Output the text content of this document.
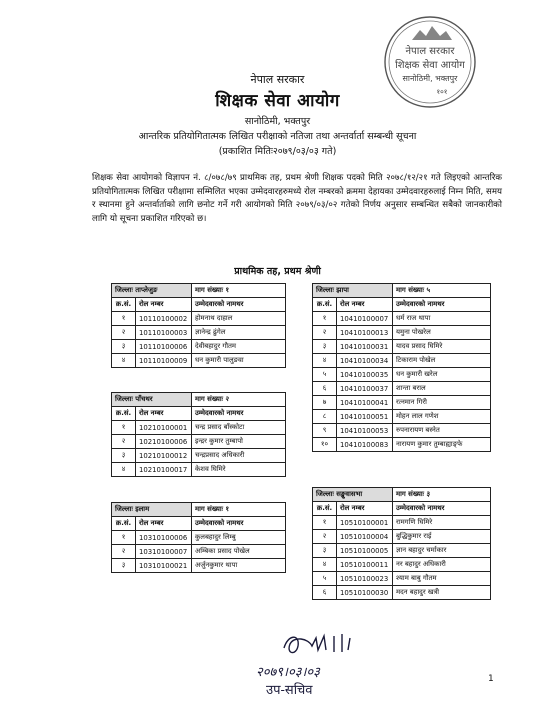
नेपाल सरकार
शिक्षक सेवा आयोग
सानोठिमी, भक्तपुर
१०१
नेपाल सरकार
शिक्षक सेवा आयोग
सानोठिमी, भक्तपुर
आन्तरिक प्रतियोगितात्मक लिखित परीक्षाको नतिजा तथा अन्तर्वार्ता सम्बन्धी सूचना
(प्रकाशित मितिः२०७९/०३/०३ गते)
शिक्षक सेवा आयोगको विज्ञापन नं. ८/०७८/७९ प्राथमिक तह, प्रथम श्रेणी शिक्षक पदको मिति २०७८/१२/२१ गते लिइएको आन्तरिक प्रतियोगितात्मक लिखित परीक्षामा सम्मिलित भएका उम्मेदवारहरुमध्ये रोल नम्बरको क्रममा देहायका उम्मेदवारहरुलाई निम्न मिति, समय र स्थानमा हुने अन्तर्वार्ताको लागि छनोट गर्ने गरी आयोगको मिति २०७९/०३/०२ गतेको निर्णय अनुसार सम्बन्धित सबैको जानकारीको लागि यो सूचना प्रकाशित गरिएको छ।
प्राथमिक तह, प्रथम श्रेणी
जिल्लाः ताप्लेजुङ		माग संख्याः १
क्र.सं.	रोल नम्बर	उम्मेदवारको नामथर
१	10110100002	होमनाथ दाहाल
२	10110100003	ज्ञानेन्द्र ढुंगेल
३	10110100006	देवीबहादुर गौतम
४	10110100009	धन कुमारी पालुङवा
जिल्लाः पाँचथर		माग संख्याः २
क्र.सं.	रोल नम्बर	उम्मेदवारको नामथर
१	10210100001	चन्द्र प्रसाद बाँस्कोटा
२	10210100006	इन्द्रर कुमार तुम्बापो
३	10210100012	चन्द्रप्रसाद अधिकारी
४	10210100017	केशव घिमिरे
जिल्लाः इलाम		माग संख्याः १
क्र.सं.	रोल नम्बर	उम्मेदवारको नामथर
१	10310100006	कुलबहादुर लिम्बु
२	10310100007	अम्बिका प्रसाद पोखेल
३	10310100021	अर्जुनकुमार थापा
जिल्लाः झापा		माग संख्याः ५
क्र.सं.	रोल नम्बर	उम्मेदवारको नामथर
१	10410100007	धर्म राज थापा
२	10410100013	यमुना पोखरेल
३	10410100031	यादव प्रसाद घिमिरे
४	10410100034	टिकाराम पोखेल
५	10410100035	धन कुमारी खरेल
६	10410100037	शान्ता बराल
७	10410100041	रत्नमान गिरी
८	10410100051	मोहन लाल गणेश
९	10410100053	रुपनारायण बस्नेत
१०	10410100083	नारायण कुमार तुम्बाह्याङ्फे
जिल्लाः सङ्खुवासभा		माग संख्याः ३
क्र.सं.	रोल नम्बर	उम्मेदवारको नामथर
१	10510100001	रामगणि घिमिरे
२	10510100004	बुद्धिकुमार राई
३	10510100005	ज्ञान बहादुर चर्माकार
४	10510100011	नर बहादुर अधिकारी
५	10510100023	श्याम बाबु गौतम
६	10510100030	मदन बहादुर खत्री
२०७९।०३।०३
उप-सचिव
1
